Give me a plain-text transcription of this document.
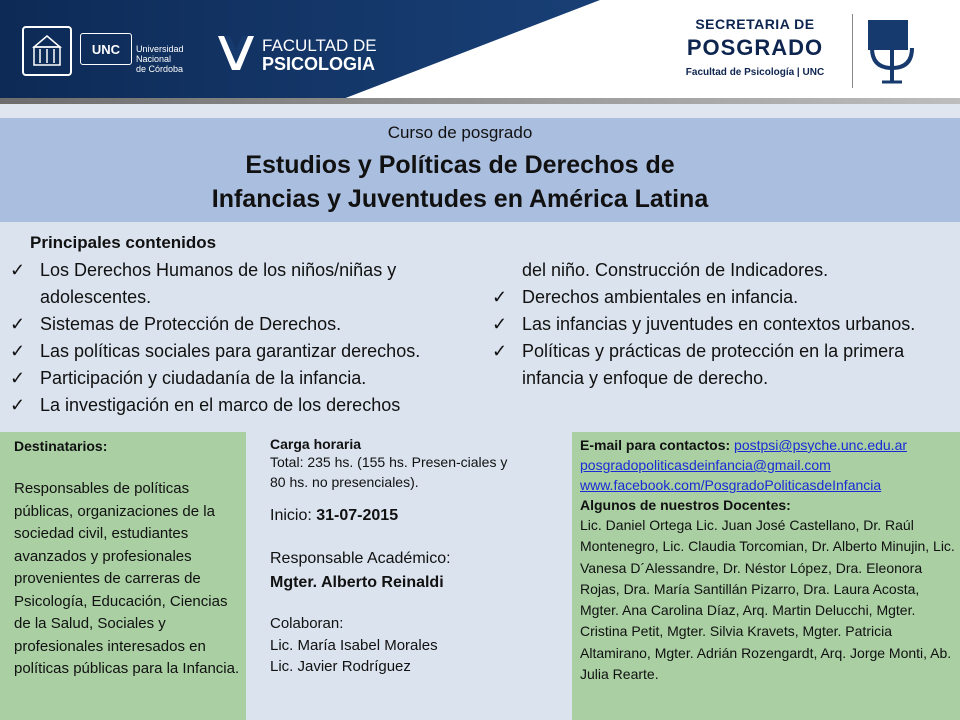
UNC	Universidad
Nacional
de Córdoba
FACULTAD DE
PSICOLOGIA
SECRETARIA DE
POSGRADO
Facultad de Psicología | UNC
Curso de posgrado
Estudios y Políticas de Derechos de
Infancias y Juventudes en América Latina
Principales contenidos
✓ Los Derechos Humanos de los niños/niñas y adolescentes.
✓ Sistemas de Protección de Derechos.
✓ Las políticas sociales para garantizar derechos.
✓ Participación y ciudadanía de la infancia.
✓ La investigación en el marco de los derechos
del niño. Construcción de Indicadores.
✓ Derechos ambientales en infancia.
✓ Las infancias y juventudes en contextos urbanos.
✓ Políticas y prácticas de protección en la primera infancia y enfoque de derecho.
Destinatarios:

Responsables de políticas públicas, organizaciones de la sociedad civil, estudiantes avanzados y profesionales provenientes de carreras de Psicología, Educación, Ciencias de la Salud, Sociales y profesionales interesados en políticas públicas para la Infancia.

Carga horaria
Total: 235 hs. (155 hs. Presen-ciales y 80 hs. no presenciales).
Inicio: 31-07-2015
Responsable Académico:
Mgter. Alberto Reinaldi
Colaboran:
Lic. María Isabel Morales
Lic. Javier Rodríguez
E-mail para contactos: postpsi@psyche.unc.edu.ar
posgradopoliticasdeinfancia@gmail.com
www.facebook.com/PosgradoPoliticasdeInfancia
Algunos de nuestros Docentes:
Lic. Daniel Ortega Lic. Juan José Castellano, Dr. Raúl Montenegro, Lic. Claudia Torcomian, Dr. Alberto Minujin, Lic. Vanesa D´Alessandre, Dr. Néstor López, Dra. Eleonora Rojas, Dra. María Santillán Pizarro, Dra. Laura Acosta, Mgter. Ana Carolina Díaz, Arq. Martin Delucchi, Mgter. Cristina Petit, Mgter. Silvia Kravets, Mgter. Patricia Altamirano, Mgter. Adrián Rozengardt, Arq. Jorge Monti, Ab. Julia Rearte.
